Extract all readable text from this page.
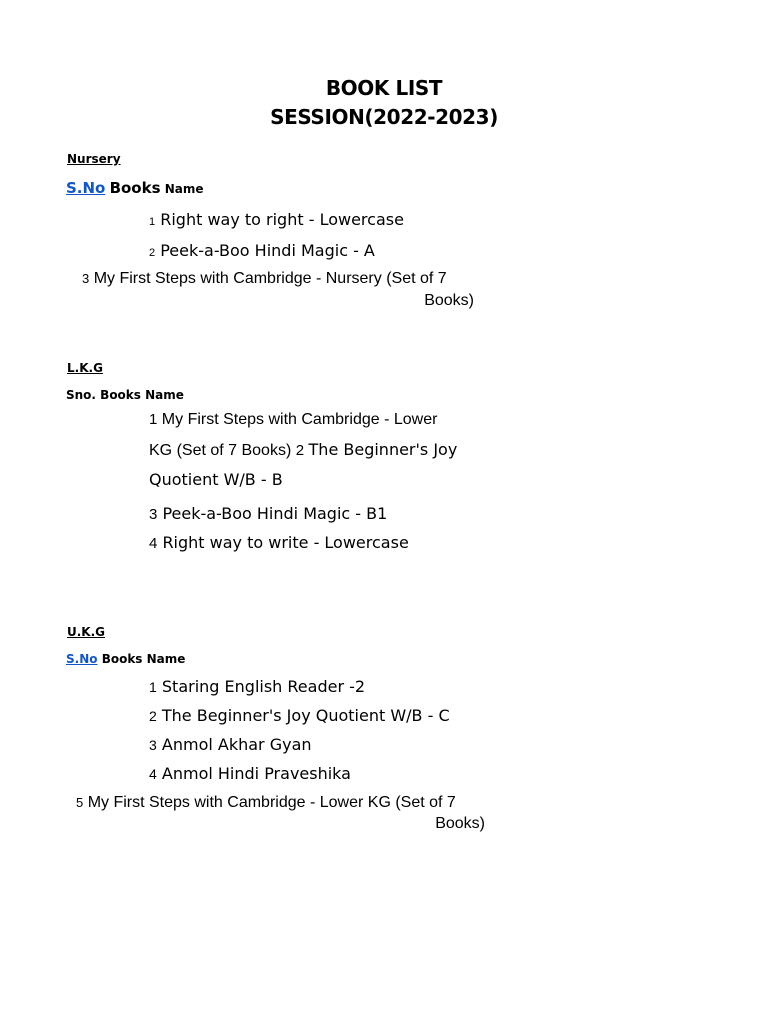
BOOK LIST
SESSION(2022-2023)
Nursery
S.No Books Name
1 Right way to right - Lowercase
2 Peek-a-Boo Hindi Magic - A
3 My First Steps with Cambridge - Nursery (Set of 7
Books)
L.K.G
Sno. Books Name
1 My First Steps with Cambridge - Lower
KG (Set of 7 Books) 2 The Beginner's Joy
Quotient W/B - B
3 Peek-a-Boo Hindi Magic - B1
4 Right way to write - Lowercase
U.K.G
S.No Books Name
1 Staring English Reader -2
2 The Beginner's Joy Quotient W/B - C
3 Anmol Akhar Gyan
4 Anmol Hindi Praveshika
5 My First Steps with Cambridge - Lower KG (Set of 7
Books)
